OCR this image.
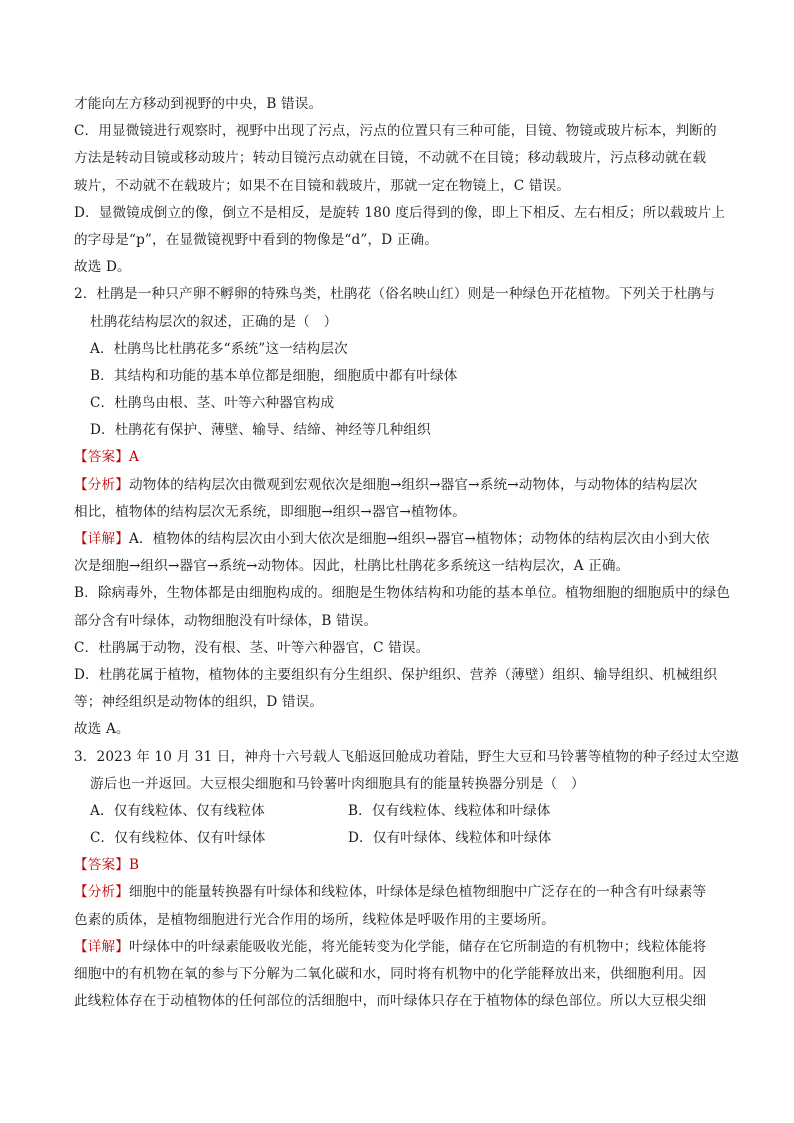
才能向左方移动到视野的中央，B 错误。
C．用显微镜进行观察时，视野中出现了污点，污点的位置只有三种可能，目镜、物镜或玻片标本，判断的
方法是转动目镜或移动玻片；转动目镜污点动就在目镜，不动就不在目镜；移动载玻片，污点移动就在载
玻片，不动就不在载玻片；如果不在目镜和载玻片，那就一定在物镜上，C 错误。
D．显微镜成倒立的像，倒立不是相反，是旋转 180 度后得到的像，即上下相反、左右相反；所以载玻片上
的字母是“p”，在显微镜视野中看到的物像是“d”，D 正确。
故选 D。
2．杜鹃是一种只产卵不孵卵的特殊鸟类，杜鹃花（俗名映山红）则是一种绿色开花植物。下列关于杜鹃与
杜鹃花结构层次的叙述，正确的是（　）
A．杜鹃鸟比杜鹃花多“系统”这一结构层次
B．其结构和功能的基本单位都是细胞，细胞质中都有叶绿体
C．杜鹃鸟由根、茎、叶等六种器官构成
D．杜鹃花有保护、薄壁、输导、结缔、神经等几种组织
【答案】A
【分析】动物体的结构层次由微观到宏观依次是细胞→组织→器官→系统→动物体，与动物体的结构层次
相比，植物体的结构层次无系统，即细胞→组织→器官→植物体。
【详解】A．植物体的结构层次由小到大依次是细胞→组织→器官→植物体；动物体的结构层次由小到大依
次是细胞→组织→器官→系统→动物体。因此，杜鹃比杜鹃花多系统这一结构层次，A 正确。
B．除病毒外，生物体都是由细胞构成的。细胞是生物体结构和功能的基本单位。植物细胞的细胞质中的绿色
部分含有叶绿体，动物细胞没有叶绿体，B 错误。
C．杜鹃属于动物，没有根、茎、叶等六种器官，C 错误。
D．杜鹃花属于植物，植物体的主要组织有分生组织、保护组织、营养（薄壁）组织、输导组织、机械组织
等；神经组织是动物体的组织，D 错误。
故选 A。
3．2023 年 10 月 31 日，神舟十六号载人飞船返回舱成功着陆，野生大豆和马铃薯等植物的种子经过太空遨
游后也一并返回。大豆根尖细胞和马铃薯叶肉细胞具有的能量转换器分别是（　）
A．仅有线粒体、仅有线粒体	B．仅有线粒体、线粒体和叶绿体
C．仅有线粒体、仅有叶绿体	D．仅有叶绿体、线粒体和叶绿体
【答案】B
【分析】细胞中的能量转换器有叶绿体和线粒体，叶绿体是绿色植物细胞中广泛存在的一种含有叶绿素等
色素的质体，是植物细胞进行光合作用的场所，线粒体是呼吸作用的主要场所。
【详解】叶绿体中的叶绿素能吸收光能，将光能转变为化学能，储存在它所制造的有机物中；线粒体能将
细胞中的有机物在氧的参与下分解为二氧化碳和水，同时将有机物中的化学能释放出来，供细胞利用。因
此线粒体存在于动植物体的任何部位的活细胞中，而叶绿体只存在于植物体的绿色部位。所以大豆根尖细
